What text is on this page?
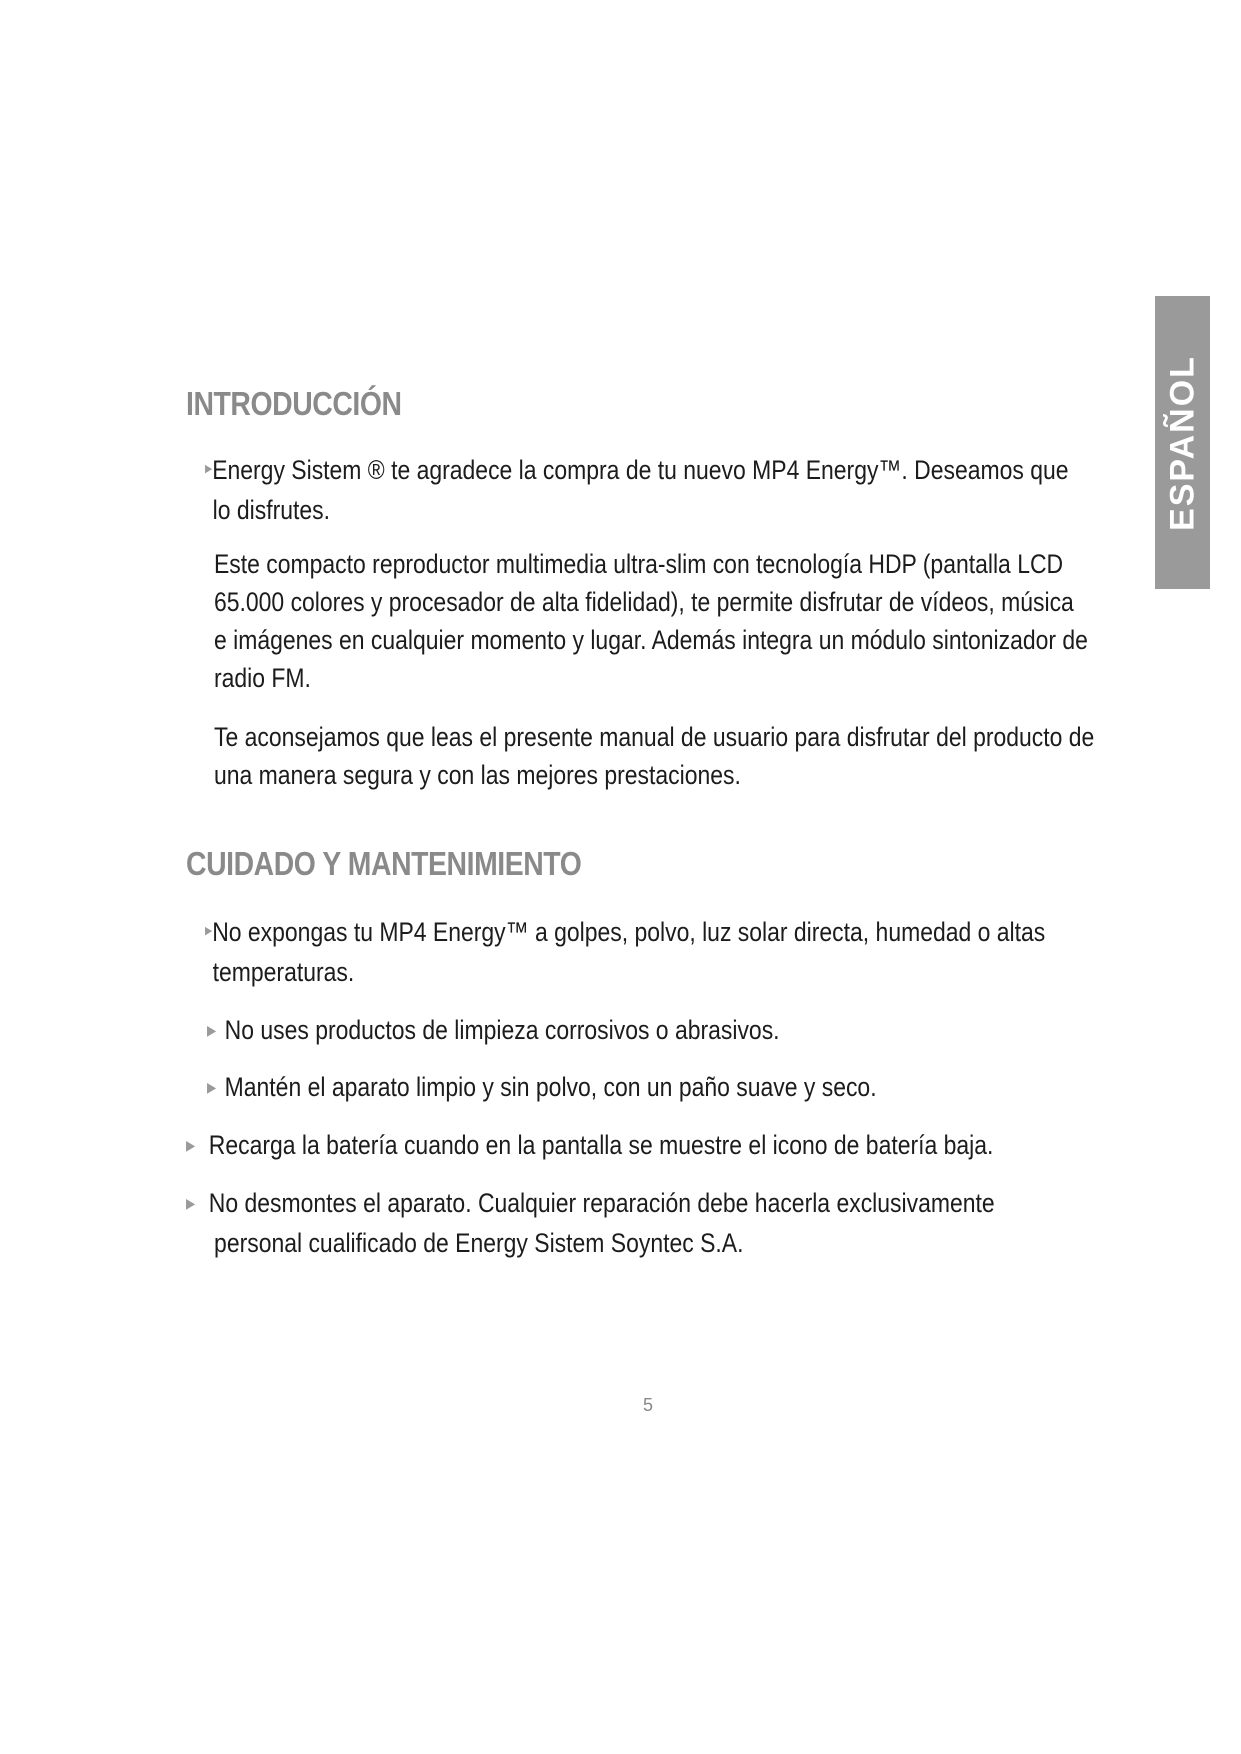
ESPAÑOL
INTRODUCCIÓN
▶Energy Sistem ® te agradece la compra de tu nuevo MP4 Energy™. Deseamos que
lo disfrutes.
Este compacto reproductor multimedia ultra-slim con tecnología HDP (pantalla LCD
65.000 colores y procesador de alta fidelidad), te permite disfrutar de vídeos, música
e imágenes en cualquier momento y lugar. Además integra un módulo sintonizador de
radio FM.
Te aconsejamos que leas el presente manual de usuario para disfrutar del producto de
una manera segura y con las mejores prestaciones.
CUIDADO Y MANTENIMIENTO
▶No expongas tu MP4 Energy™ a golpes, polvo, luz solar directa, humedad o altas
temperaturas.
▶ No uses productos de limpieza corrosivos o abrasivos.
▶ Mantén el aparato limpio y sin polvo, con un paño suave y seco.
▶ Recarga la batería cuando en la pantalla se muestre el icono de batería baja.
▶ No desmontes el aparato. Cualquier reparación debe hacerla exclusivamente
personal cualificado de Energy Sistem Soyntec S.A.
5
